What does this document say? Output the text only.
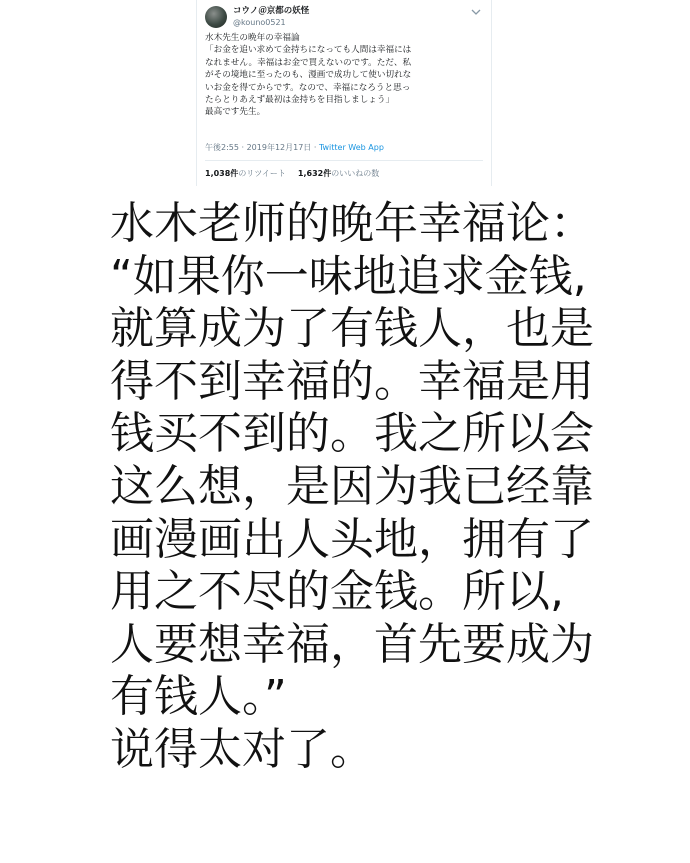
コウノ＠京都の妖怪
@kouno0521
水木先生の晩年の幸福論
「お金を追い求めて金持ちになっても人間は幸福には
なれません。幸福はお金で買えないのです。ただ、私
がその境地に至ったのも、漫画で成功して使い切れな
いお金を得てからです。なので、幸福になろうと思っ
たらとりあえず最初は金持ちを目指しましょう」
最高です先生。
午後2:55 · 2019年12月17日 · Twitter Web App
1,038件のリツイート 1,632件のいいねの数
水木老师的晚年幸福论：
“如果你一味地追求金钱,
就算成为了有钱人，也是
得不到幸福的。幸福是用
钱买不到的。我之所以会
这么想，是因为我已经靠
画漫画出人头地，拥有了
用之不尽的金钱。所以,
人要想幸福，首先要成为
有钱人。”
说得太对了。
